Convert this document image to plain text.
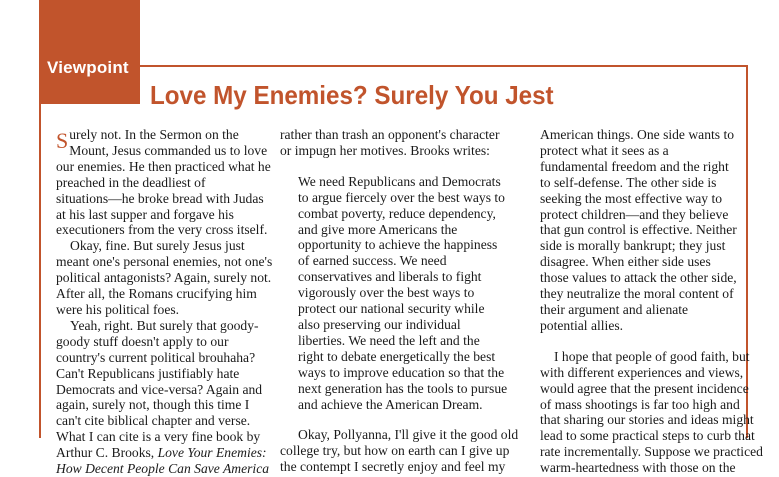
Viewpoint
Love My Enemies? Surely You Jest
S urely not. In the Sermon on the
Mount, Jesus commanded us to love
our enemies. He then practiced what he
preached in the deadliest of
situations—he broke bread with Judas
at his last supper and forgave his
executioners from the very cross itself.
Okay, fine. But surely Jesus just
meant one's personal enemies, not one's
political antagonists? Again, surely not.
After all, the Romans crucifying him
were his political foes.
Yeah, right. But surely that goody-
goody stuff doesn't apply to our
country's current political brouhaha?
Can't Republicans justifiably hate
Democrats and vice-versa? Again and
again, surely not, though this time I
can't cite biblical chapter and verse.
What I can cite is a very fine book by
Arthur C. Brooks, Love Your Enemies:
How Decent People Can Save America
rather than trash an opponent's character
or impugn her motives. Brooks writes:
We need Republicans and Democrats
to argue fiercely over the best ways to
combat poverty, reduce dependency,
and give more Americans the
opportunity to achieve the happiness
of earned success. We need
conservatives and liberals to fight
vigorously over the best ways to
protect our national security while
also preserving our individual
liberties. We need the left and the
right to debate energetically the best
ways to improve education so that the
next generation has the tools to pursue
and achieve the American Dream.
Okay, Pollyanna, I'll give it the good old
college try, but how on earth can I give up
the contempt I secretly enjoy and feel my
American things. One side wants to
protect what it sees as a
fundamental freedom and the right
to self-defense. The other side is
seeking the most effective way to
protect children—and they believe
that gun control is effective. Neither
side is morally bankrupt; they just
disagree. When either side uses
those values to attack the other side,
they neutralize the moral content of
their argument and alienate
potential allies.
I hope that people of good faith, but
with different experiences and views,
would agree that the present incidence
of mass shootings is far too high and
that sharing our stories and ideas might
lead to some practical steps to curb that
rate incrementally. Suppose we practiced
warm-heartedness with those on the
